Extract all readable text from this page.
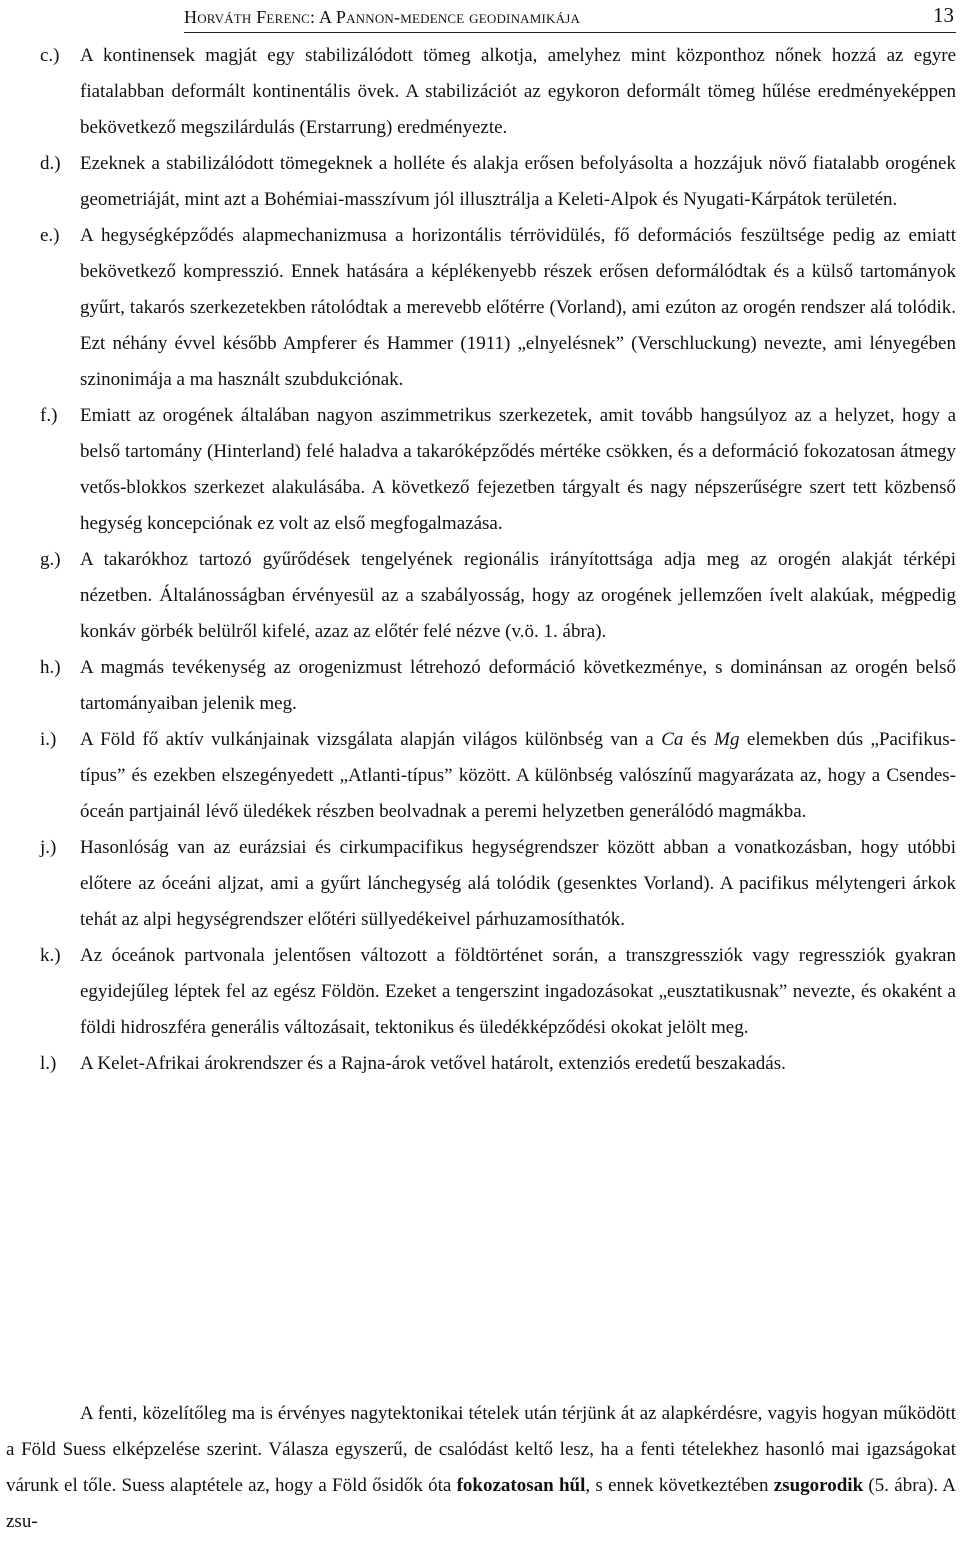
Horváth Ferenc: A Pannon-medence geodinamikája	13
c.) A kontinensek magját egy stabilizálódott tömeg alkotja, amelyhez mint központhoz nőnek hozzá az egyre fiatalabban deformált kontinentális övek. A stabilizációt az egykoron deformált tömeg hűlése eredményeképpen bekövetkező megszilárdulás (Erstarrung) eredményezte.
d.) Ezeknek a stabilizálódott tömegeknek a holléte és alakja erősen befolyásolta a hozzájuk növő fiatalabb orogének geometriáját, mint azt a Bohémiai-masszívum jól illusztrálja a Keleti-Alpok és Nyugati-Kárpátok területén.
e.) A hegységképződés alapmechanizmusa a horizontális térrövidülés, fő deformációs feszültsége pedig az emiatt bekövetkező kompresszió. Ennek hatására a képlékenyebb részek erősen deformálódtak és a külső tartományok gyűrt, takarós szerkezetekben rátolódtak a merevebb előtérre (Vorland), ami ezúton az orogén rendszer alá tolódik. Ezt néhány évvel később Ampferer és Hammer (1911) „elnyelésnek” (Verschluckung) nevezte, ami lényegében szinonimája a ma használt szubdukciónak.
f.) Emiatt az orogének általában nagyon aszimmetrikus szerkezetek, amit tovább hangsúlyoz az a helyzet, hogy a belső tartomány (Hinterland) felé haladva a takaróképződés mértéke csökken, és a deformáció fokozatosan átmegy vetős-blokkos szerkezet alakulásába. A következő fejezetben tárgyalt és nagy népszerűségre szert tett közbenső hegység koncepciónak ez volt az első megfogalmazása.
g.) A takarókhoz tartozó gyűrődések tengelyének regionális irányítottsága adja meg az orogén alakját térképi nézetben. Általánosságban érvényesül az a szabályosság, hogy az orogének jellemzően ívelt alakúak, mégpedig konkáv görbék belülről kifelé, azaz az előtér felé nézve (v.ö. 1. ábra).
h.) A magmás tevékenység az orogenizmust létrehozó deformáció következménye, s dominánsan az orogén belső tartományaiban jelenik meg.
i.) A Föld fő aktív vulkánjainak vizsgálata alapján világos különbség van a Ca és Mg elemekben dús „Pacifikus-típus” és ezekben elszegényedett „Atlanti-típus” között. A különbség valószínű magyarázata az, hogy a Csendes-óceán partjainál lévő üledékek részben beolvadnak a peremi helyzetben generálódó magmákba.
j.) Hasonlóság van az eurázsiai és cirkumpacifikus hegységrendszer között abban a vonatkozásban, hogy utóbbi előtere az óceáni aljzat, ami a gyűrt lánchegység alá tolódik (gesenktes Vorland). A pacifikus mélytengeri árkok tehát az alpi hegységrendszer előtéri süllyedékeivel párhuzamosíthatók.
k.) Az óceánok partvonala jelentősen változott a földtörténet során, a transzgressziók vagy regressziók gyakran egyidejűleg léptek fel az egész Földön. Ezeket a tengerszint ingadozásokat „eusztatikusnak” nevezte, és okaként a földi hidroszféra generális változásait, tektonikus és üledékképződési okokat jelölt meg.
l.) A Kelet-Afrikai árokrendszer és a Rajna-árok vetővel határolt, extenziós eredetű beszakadás.
A fenti, közelítőleg ma is érvényes nagytektonikai tételek után térjünk át az alapkérdésre, vagyis hogyan működött a Föld Suess elképzelése szerint. Válasza egyszerű, de csalódást keltő lesz, ha a fenti tételekhez hasonló mai igazságokat várunk el tőle. Suess alaptétele az, hogy a Föld ősidők óta fokozatosan hűl, s ennek következtében zsugorodik (5. ábra). A zsu-
